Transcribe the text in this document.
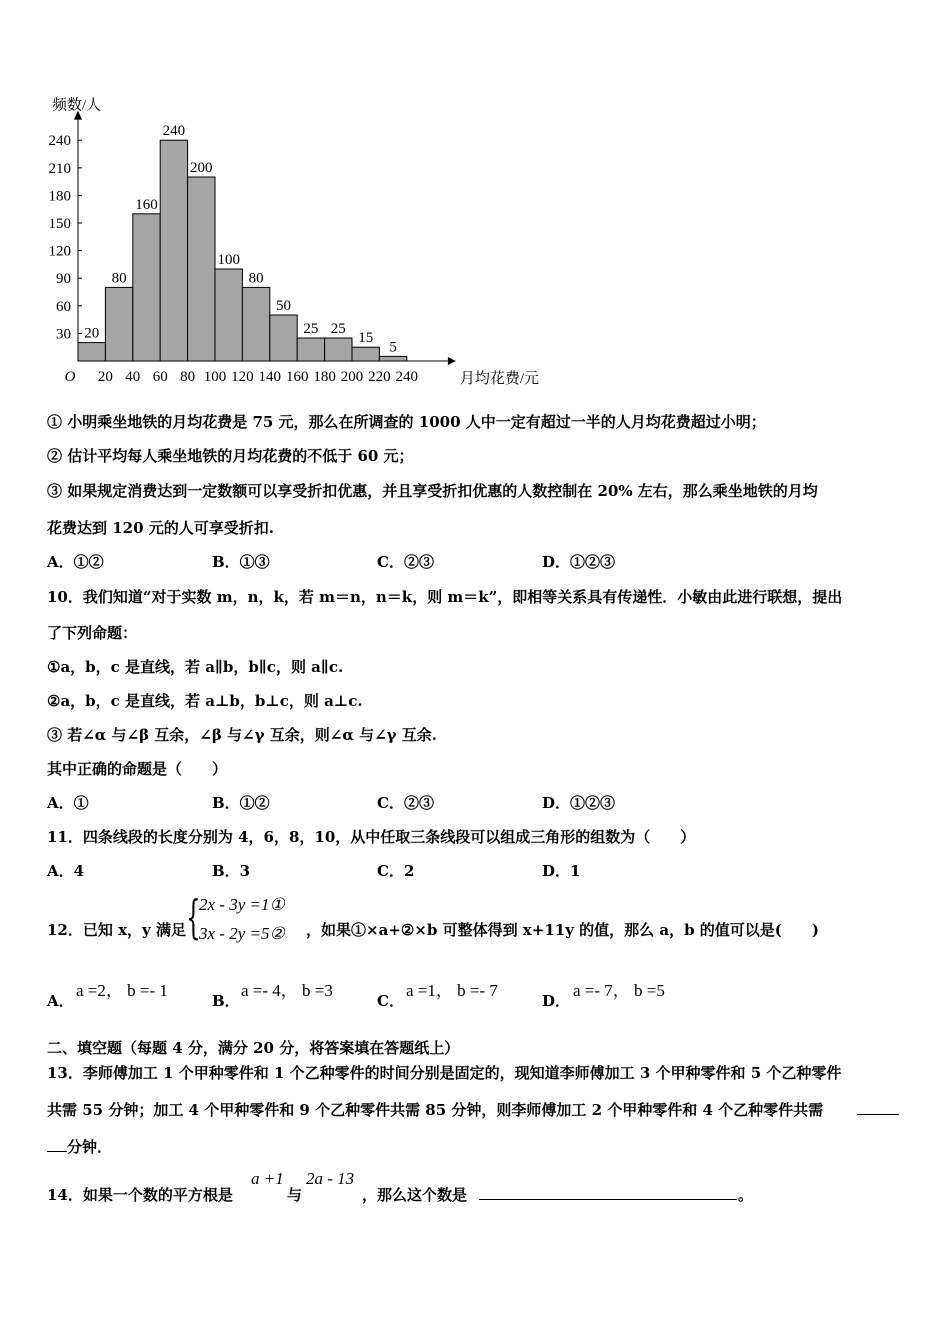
20
80
160
240
200
100
80
50
25 25
15
5
30
60
90
120
150
180
210
240
20 40 60 80 100 120 140 160 180 200 220 240
O
频数/人
月均花费/元
① 小明乘坐地铁的月均花费是 75 元，那么在所调查的 1000 人中一定有超过一半的人月均花费超过小明；
② 估计平均每人乘坐地铁的月均花费的不低于 60 元；
③ 如果规定消费达到一定数额可以享受折扣优惠，并且享受折扣优惠的人数控制在 20% 左右，那么乘坐地铁的月均
花费达到 120 元的人可享受折扣.
A．①②	B．①③	C．②③	D．①②③
10．我们知道“对于实数 m，n，k，若 m＝n，n＝k，则 m＝k”，即相等关系具有传递性．小敏由此进行联想，提出
了下列命题：
①a，b，c 是直线，若 a∥b，b∥c，则 a∥c.
②a，b，c 是直线，若 a⊥b，b⊥c，则 a⊥c.
③ 若∠α 与∠β 互余，∠β 与∠γ 互余，则∠α 与∠γ 互余.
其中正确的命题是（　　）
A．①	B．①②	C．②③	D．①②③
11．四条线段的长度分别为 4，6，8，10，从中任取三条线段可以组成三角形的组数为（　　）
A．4	B．3	C．2	D．1
12．已知 x，y 满足 {
2x - 3y =1①
3x - 2y =5② ，如果①×a+②×b 可整体得到 x+11y 的值，那么 a，b 的值可以是(　　)
A．
a =2， b =- 1
B．
a =- 4， b =3
C．
a =1， b =- 7
D．
a =- 7， b =5
二、填空题（每题 4 分，满分 20 分，将答案填在答题纸上）
13．李师傅加工 1 个甲种零件和 1 个乙种零件的时间分别是固定的，现知道李师傅加工 3 个甲种零件和 5 个乙种零件
共需 55 分钟；加工 4 个甲种零件和 9 个乙种零件共需 85 分钟，则李师傅加工 2 个甲种零件和 4 个乙种零件共需
分钟．
14．如果一个数的平方根是
a +1
与
2a - 13
，那么这个数是	。
